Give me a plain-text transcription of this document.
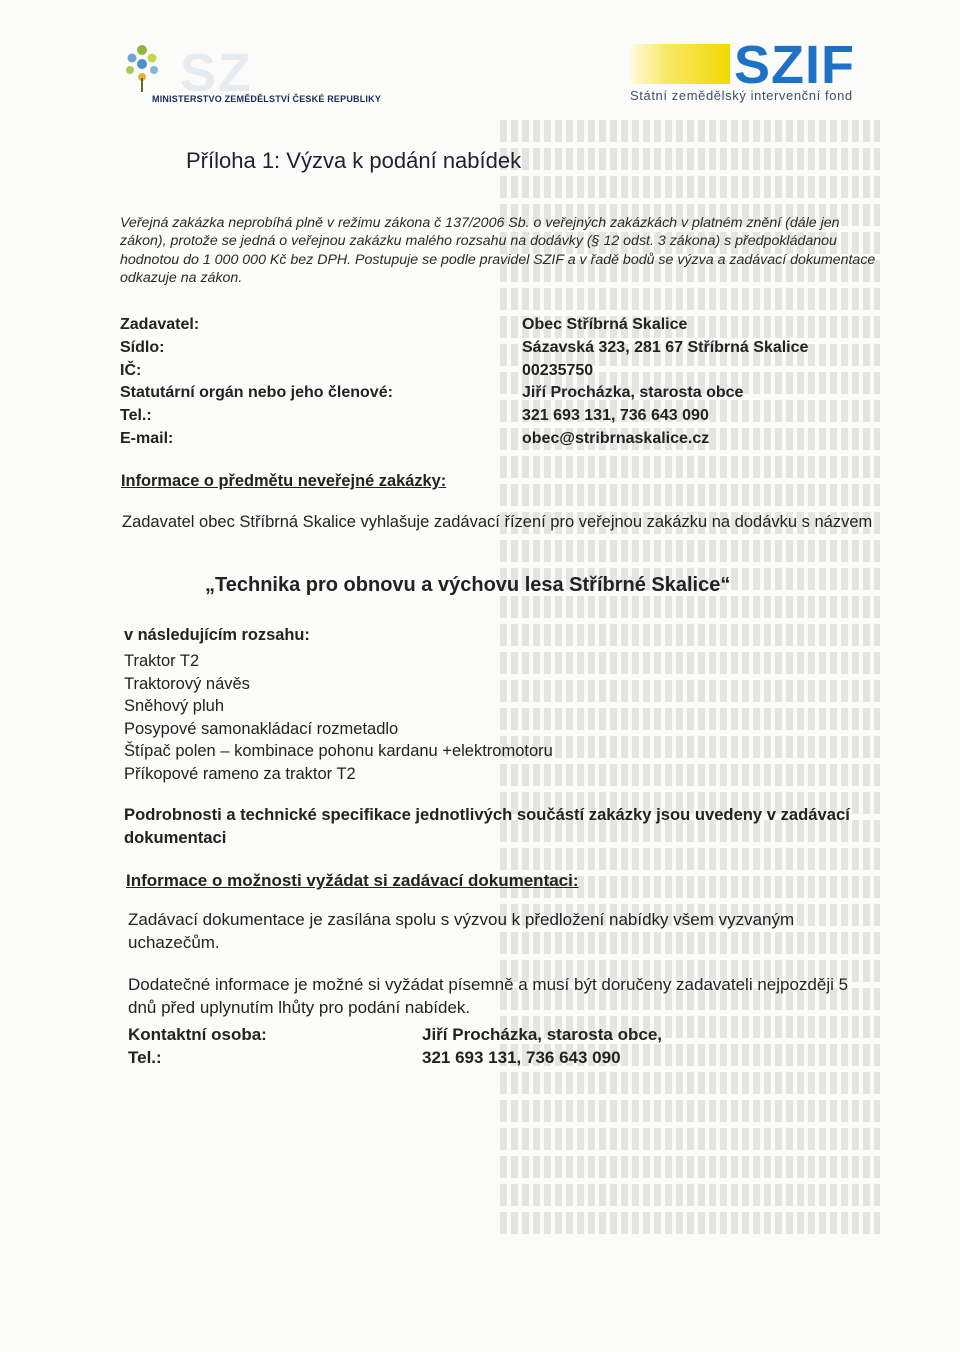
SZ
MINISTERSTVO ZEMĚDĚLSTVÍ ČESKÉ REPUBLIKY
SZIF
Státní zemědělský intervenční fond
Příloha 1: Výzva k podání nabídek

Veřejná zakázka neprobíhá plně v režimu zákona č 137/2006 Sb. o veřejných zakázkách v platném znění (dále jen zákon), protože se jedná o veřejnou zakázku malého rozsahu na dodávky (§ 12 odst. 3 zákona) s předpokládanou hodnotou do 1 000 000 Kč bez DPH. Postupuje se podle pravidel SZIF a v řadě bodů se výzva a zadávací dokumentace odkazuje na zákon.

Zadavatel:	Obec Stříbrná Skalice
Sídlo:	Sázavská 323, 281 67 Stříbrná Skalice
IČ:	00235750
Statutární orgán nebo jeho členové:	Jiří Procházka, starosta obce
Tel.:	321 693 131, 736 643 090
E-mail:	obec@stribrnaskalice.cz
Informace o předmětu neveřejné zakázky:

Zadavatel obec Stříbrná Skalice vyhlašuje zadávací řízení pro veřejnou zakázku na dodávku s názvem

„Technika pro obnovu a výchovu lesa Stříbrné Skalice“
v následujícím rozsahu:
Traktor T2
Traktorový návěs
Sněhový pluh
Posypové samonakládací rozmetadlo
Štípač polen – kombinace pohonu kardanu +elektromotoru
Příkopové rameno za traktor T2

Podrobnosti a technické specifikace jednotlivých součástí zakázky jsou uvedeny v zadávací dokumentaci

Informace o možnosti vyžádat si zadávací dokumentaci:

Zadávací dokumentace je zasílána spolu s výzvou k předložení nabídky všem vyzvaným uchazečům.

Dodatečné informace je možné si vyžádat písemně a musí být doručeny zadavateli nejpozději 5 dnů před uplynutím lhůty pro podání nabídek.

Kontaktní osoba:	Jiří Procházka, starosta obce,
Tel.:	321 693 131, 736 643 090
